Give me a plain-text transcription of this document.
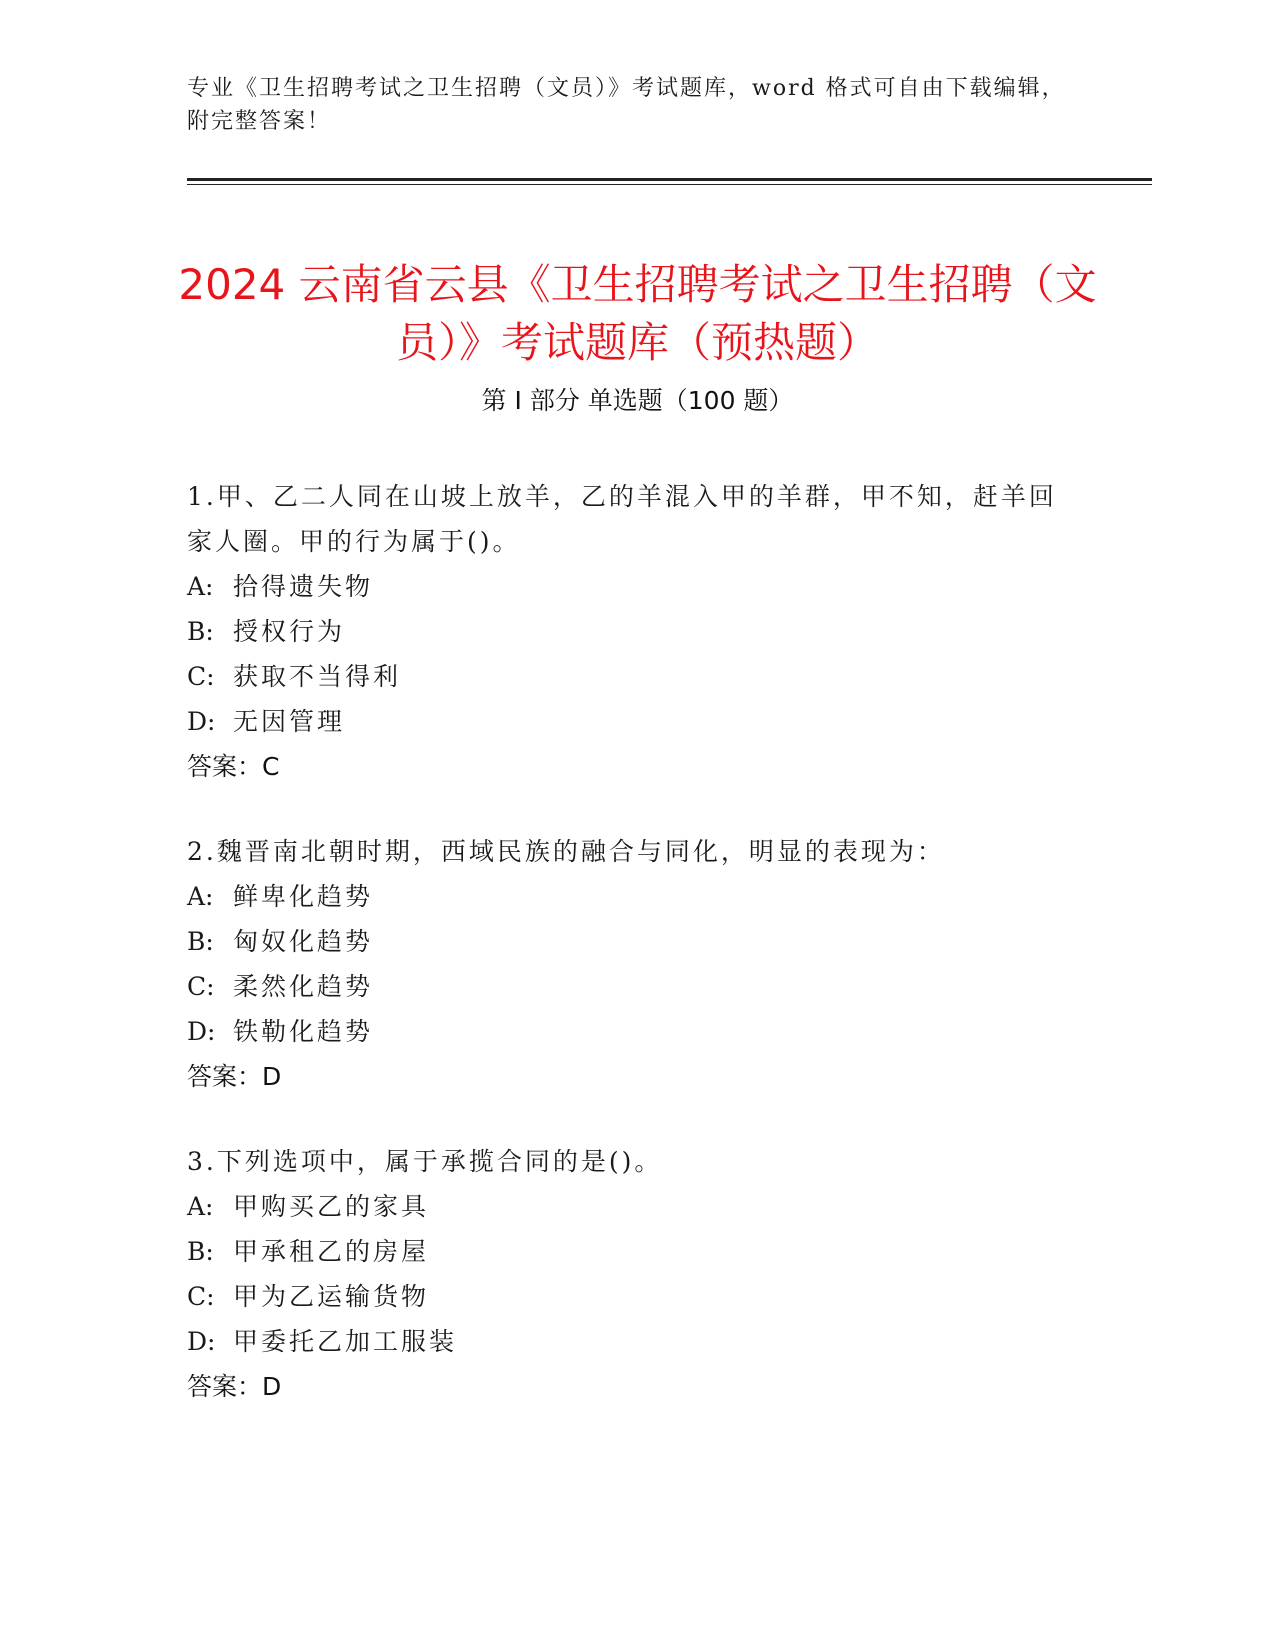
专业《卫生招聘考试之卫生招聘（文员）》考试题库，word 格式可自由下载编辑，附完整答案！
2024 云南省云县《卫生招聘考试之卫生招聘（文员）》考试题库（预热题）
第 I 部分 单选题（100 题）

1.甲、乙二人同在山坡上放羊，乙的羊混入甲的羊群，甲不知，赶羊回家人圈。甲的行为属于()。

A: 拾得遗失物

B: 授权行为

C: 获取不当得利

D: 无因管理

答案：C

2.魏晋南北朝时期，西域民族的融合与同化，明显的表现为：

A: 鲜卑化趋势

B: 匈奴化趋势

C: 柔然化趋势

D: 铁勒化趋势

答案：D

3.下列选项中，属于承揽合同的是()。

A: 甲购买乙的家具

B: 甲承租乙的房屋

C: 甲为乙运输货物

D: 甲委托乙加工服装

答案：D
